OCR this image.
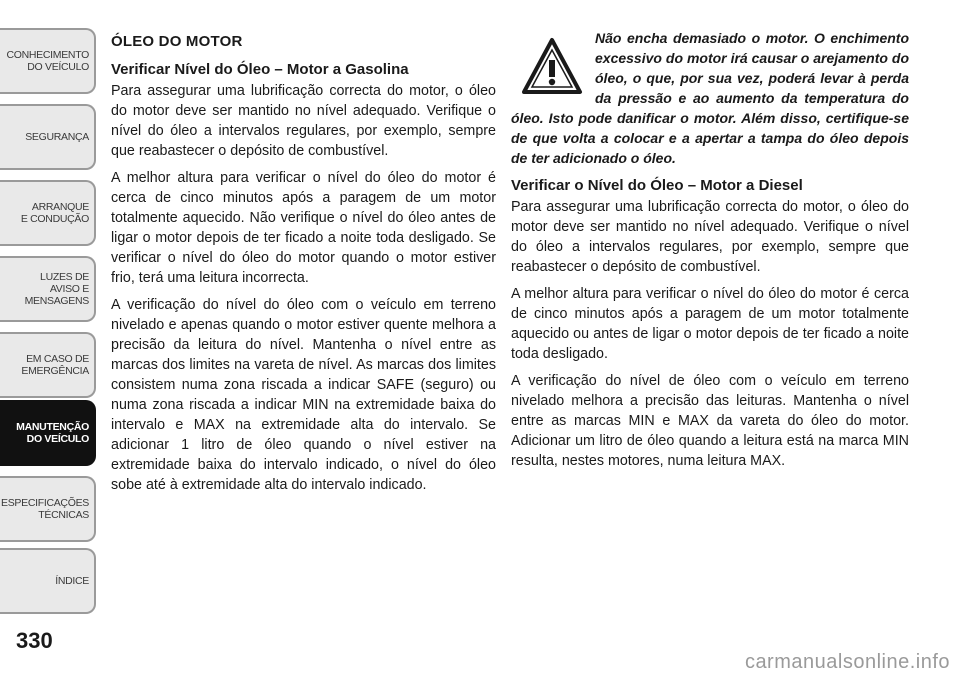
CONHECIMENTO
DO VEÍCULO
SEGURANÇA
ARRANQUE
E CONDUÇÃO
LUZES DE
AVISO E
MENSAGENS
EM CASO DE
EMERGÊNCIA
MANUTENÇÃO
DO VEÍCULO
ESPECIFICAÇÕES
TÉCNICAS
ÍNDICE
330
ÓLEO DO MOTOR
Verificar Nível do Óleo – Motor a Gasolina

Para assegurar uma lubrificação correcta do motor, o óleo do motor deve ser mantido no nível adequado. Verifique o nível do óleo a intervalos regulares, por exemplo, sempre que reabastecer o depósito de combustível.

A melhor altura para verificar o nível do óleo do motor é cerca de cinco minutos após a paragem de um motor totalmente aquecido. Não verifique o nível do óleo antes de ligar o motor depois de ter ficado a noite toda desligado. Se verificar o nível do óleo do motor quando o motor estiver frio, terá uma leitura incorrecta.

A verificação do nível do óleo com o veículo em terreno nivelado e apenas quando o motor estiver quente melhora a precisão da leitura do nível. Mantenha o nível entre as marcas dos limites na vareta de nível. As marcas dos limites consistem numa zona riscada a indicar SAFE (seguro) ou numa zona riscada a indicar MIN na extremidade baixa do intervalo e MAX na extremidade alta do intervalo. Se adicionar 1 litro de óleo quando o nível estiver na extremidade baixa do intervalo indicado, o nível do óleo sobe até à extremidade alta do intervalo indicado.

Não encha demasiado o motor. O enchimento excessivo do motor irá causar o arejamento do óleo, o que, por sua vez, poderá levar à perda da pressão e ao aumento da temperatura do óleo. Isto pode danificar o motor. Além disso, certifique-se de que volta a colocar e a apertar a tampa do óleo depois de ter adicionado o óleo.

Verificar o Nível do Óleo – Motor a Diesel

Para assegurar uma lubrificação correcta do motor, o óleo do motor deve ser mantido no nível adequado. Verifique o nível do óleo a intervalos regulares, por exemplo, sempre que reabastecer o depósito de combustível.

A melhor altura para verificar o nível do óleo do motor é cerca de cinco minutos após a paragem de um motor totalmente aquecido ou antes de ligar o motor depois de ter ficado a noite toda desligado.

A verificação do nível de óleo com o veículo em terreno nivelado melhora a precisão das leituras. Mantenha o nível entre as marcas MIN e MAX da vareta do óleo do motor. Adicionar um litro de óleo quando a leitura está na marca MIN resulta, nestes motores, numa leitura MAX.

carmanualsonline.info
